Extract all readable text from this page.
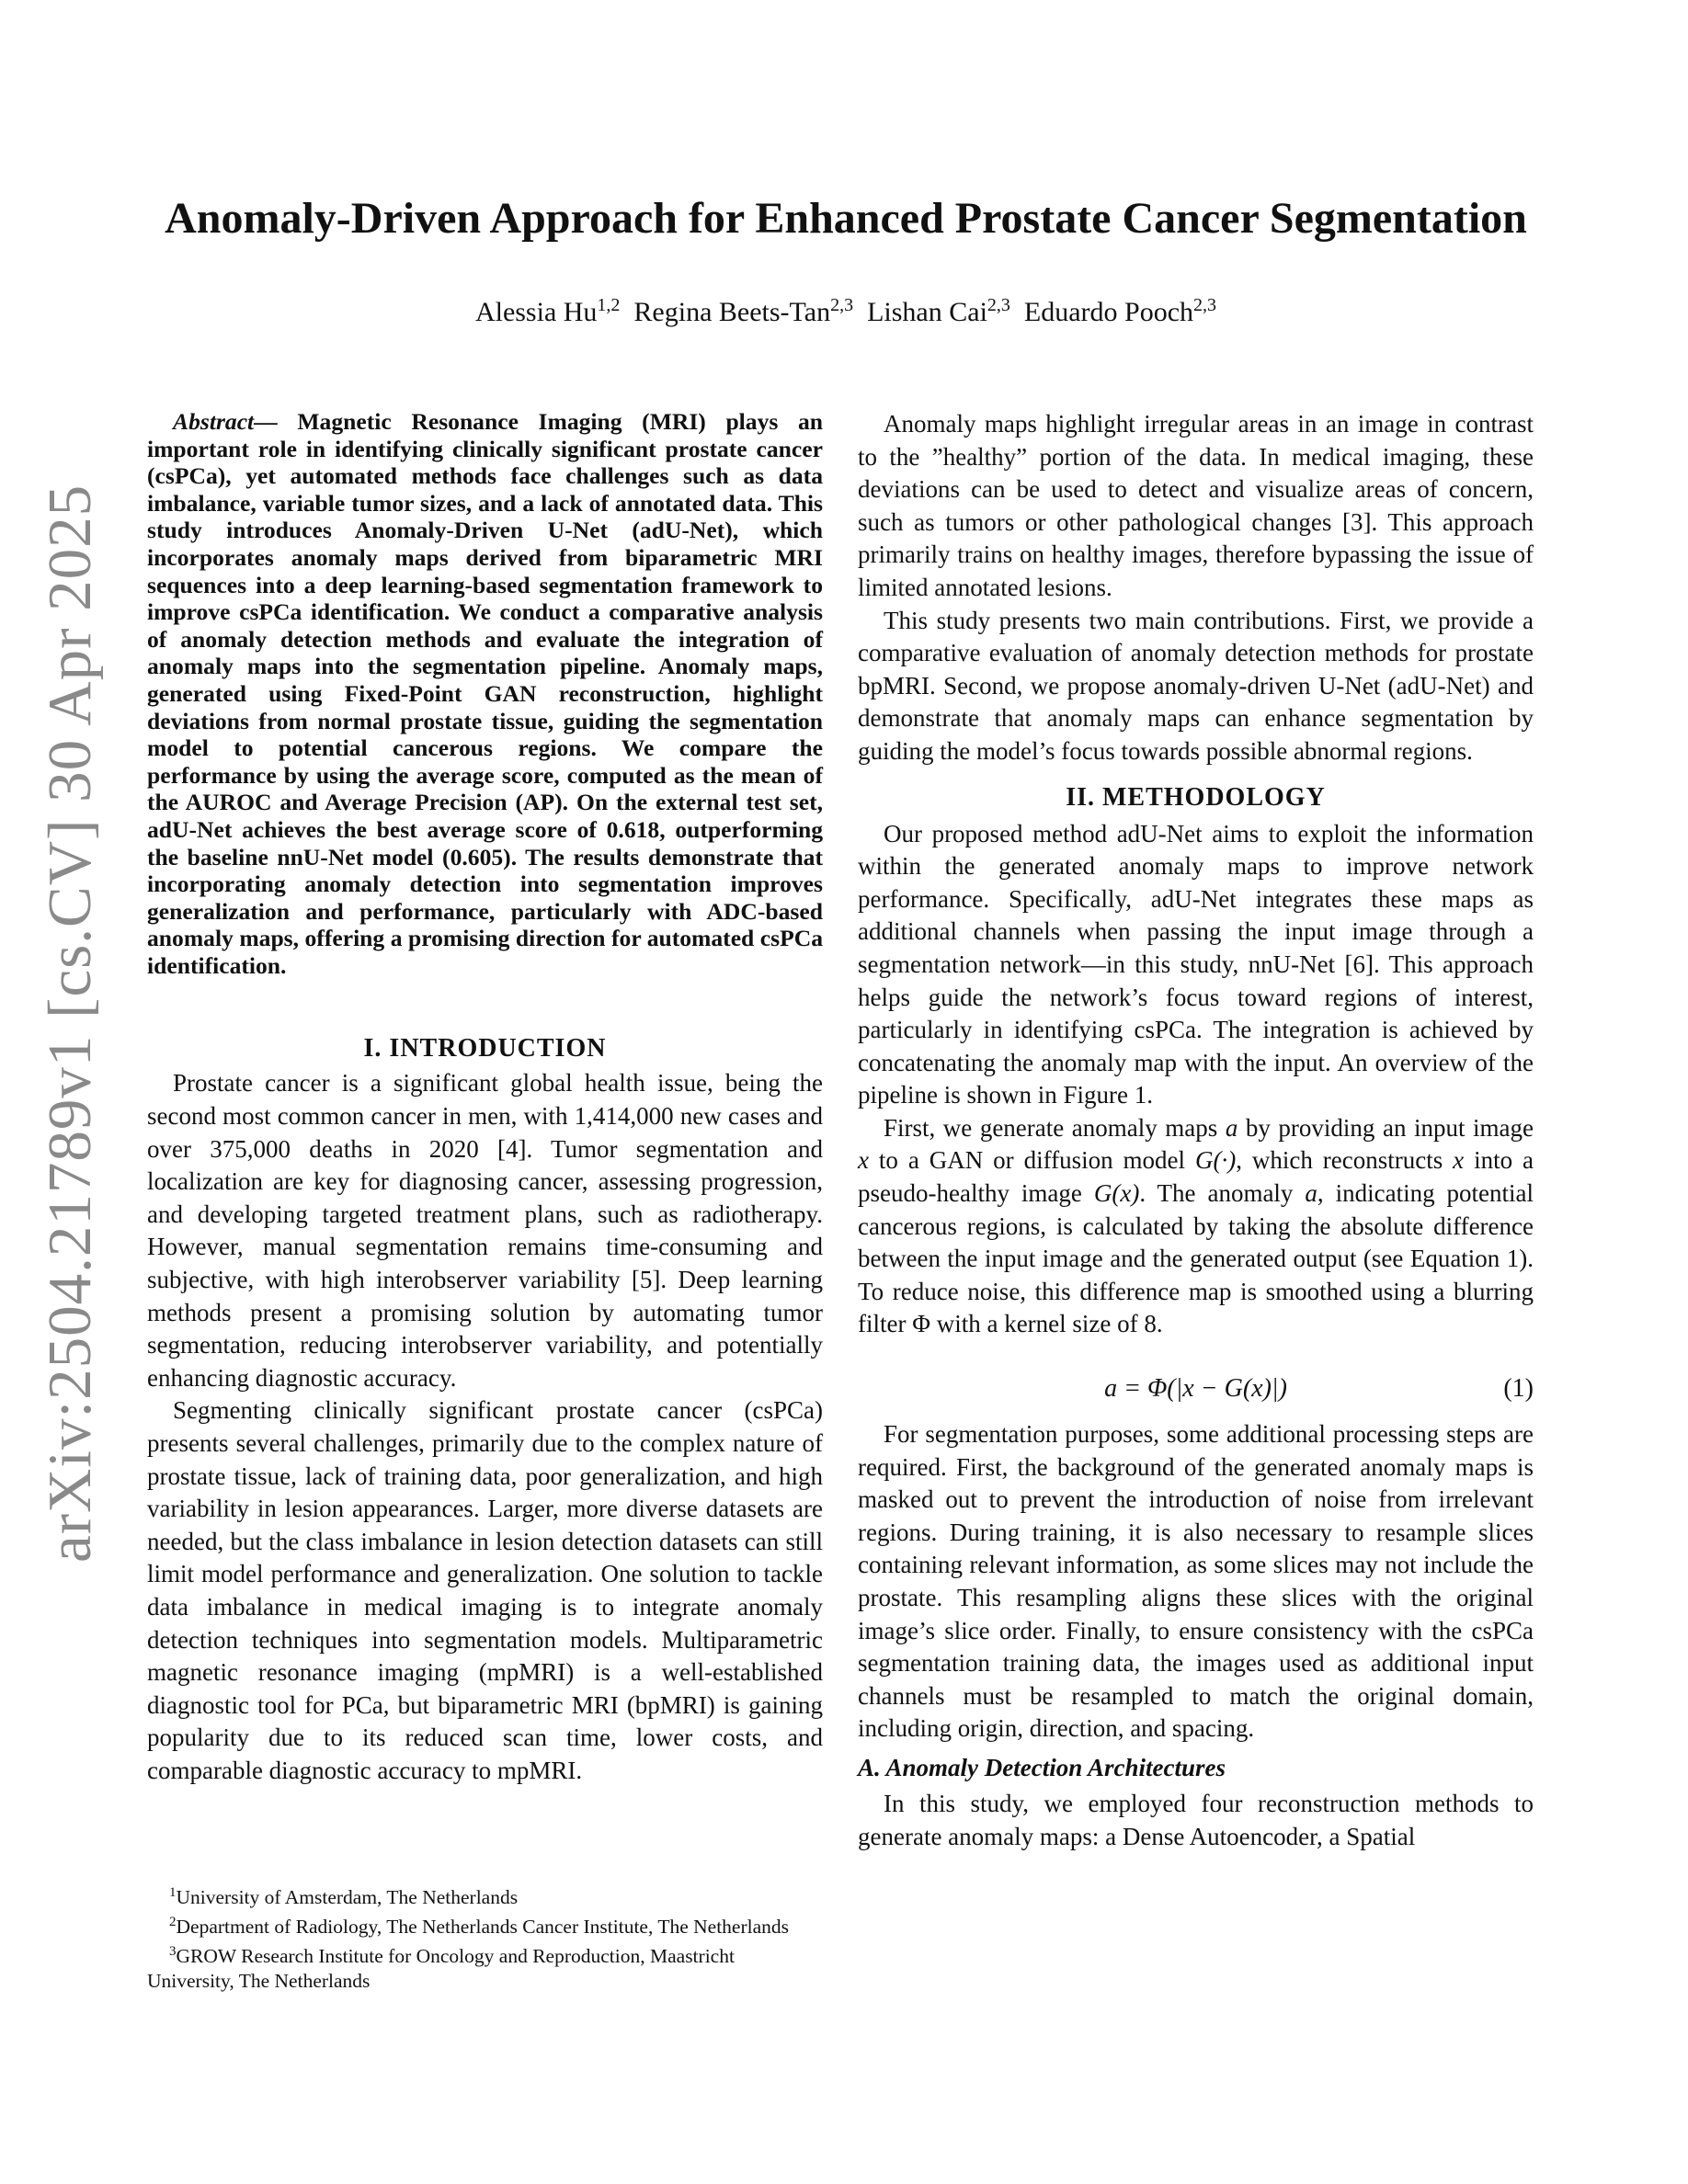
arXiv:2504.21789v1 [cs.CV] 30 Apr 2025
Anomaly-Driven Approach for Enhanced Prostate Cancer Segmentation
Alessia Hu$^{1,2}$ Regina Beets-Tan$^{2,3}$ Lishan Cai$^{2,3}$ Eduardo Pooch$^{2,3}$

Abstract— Magnetic Resonance Imaging (MRI) plays an important role in identifying clinically significant prostate cancer (csPCa), yet automated methods face challenges such as data imbalance, variable tumor sizes, and a lack of annotated data. This study introduces Anomaly-Driven U-Net (adU-Net), which incorporates anomaly maps derived from biparametric MRI sequences into a deep learning-based segmentation framework to improve csPCa identification. We conduct a comparative analysis of anomaly detection methods and evaluate the integration of anomaly maps into the segmentation pipeline. Anomaly maps, generated using Fixed-Point GAN reconstruction, highlight deviations from normal prostate tissue, guiding the segmentation model to potential cancerous regions. We compare the performance by using the average score, computed as the mean of the AUROC and Average Precision (AP). On the external test set, adU-Net achieves the best average score of 0.618, outperforming the baseline nnU-Net model (0.605). The results demonstrate that incorporating anomaly detection into segmentation improves generalization and performance, particularly with ADC-based anomaly maps, offering a promising direction for automated csPCa identification.

I. INTRODUCTION

Prostate cancer is a significant global health issue, being the second most common cancer in men, with 1,414,000 new cases and over 375,000 deaths in 2020 [4]. Tumor segmentation and localization are key for diagnosing cancer, assessing progression, and developing targeted treatment plans, such as radiotherapy. However, manual segmentation remains time-consuming and subjective, with high interobserver variability [5]. Deep learning methods present a promising solution by automating tumor segmentation, reducing interobserver variability, and potentially enhancing diagnostic accuracy.

Segmenting clinically significant prostate cancer (csPCa) presents several challenges, primarily due to the complex nature of prostate tissue, lack of training data, poor generalization, and high variability in lesion appearances. Larger, more diverse datasets are needed, but the class imbalance in lesion detection datasets can still limit model performance and generalization. One solution to tackle data imbalance in medical imaging is to integrate anomaly detection techniques into segmentation models. Multiparametric magnetic resonance imaging (mpMRI) is a well-established diagnostic tool for PCa, but biparametric MRI (bpMRI) is gaining popularity due to its reduced scan time, lower costs, and comparable diagnostic accuracy to mpMRI.

$^1$University of Amsterdam, The Netherlands

$^2$Department of Radiology, The Netherlands Cancer Institute, The Netherlands

$^3$GROW Research Institute for Oncology and Reproduction, Maastricht University, The Netherlands

Anomaly maps highlight irregular areas in an image in contrast to the ”healthy” portion of the data. In medical imaging, these deviations can be used to detect and visualize areas of concern, such as tumors or other pathological changes [3]. This approach primarily trains on healthy images, therefore bypassing the issue of limited annotated lesions.

This study presents two main contributions. First, we provide a comparative evaluation of anomaly detection methods for prostate bpMRI. Second, we propose anomaly-driven U-Net (adU-Net) and demonstrate that anomaly maps can enhance segmentation by guiding the model’s focus towards possible abnormal regions.

II. METHODOLOGY

Our proposed method adU-Net aims to exploit the information within the generated anomaly maps to improve network performance. Specifically, adU-Net integrates these maps as additional channels when passing the input image through a segmentation network—in this study, nnU-Net [6]. This approach helps guide the network’s focus toward regions of interest, particularly in identifying csPCa. The integration is achieved by concatenating the anomaly map with the input. An overview of the pipeline is shown in Figure 1.

First, we generate anomaly maps a by providing an input image x to a GAN or diffusion model G(·), which reconstructs x into a pseudo-healthy image G(x). The anomaly a, indicating potential cancerous regions, is calculated by taking the absolute difference between the input image and the generated output (see Equation 1). To reduce noise, this difference map is smoothed using a blurring filter Φ with a kernel size of 8.

a = Φ(|x − G(x)|)	(1)

For segmentation purposes, some additional processing steps are required. First, the background of the generated anomaly maps is masked out to prevent the introduction of noise from irrelevant regions. During training, it is also necessary to resample slices containing relevant information, as some slices may not include the prostate. This resampling aligns these slices with the original image’s slice order. Finally, to ensure consistency with the csPCa segmentation training data, the images used as additional input channels must be resampled to match the original domain, including origin, direction, and spacing.

A. Anomaly Detection Architectures

In this study, we employed four reconstruction methods to generate anomaly maps: a Dense Autoencoder, a Spatial
